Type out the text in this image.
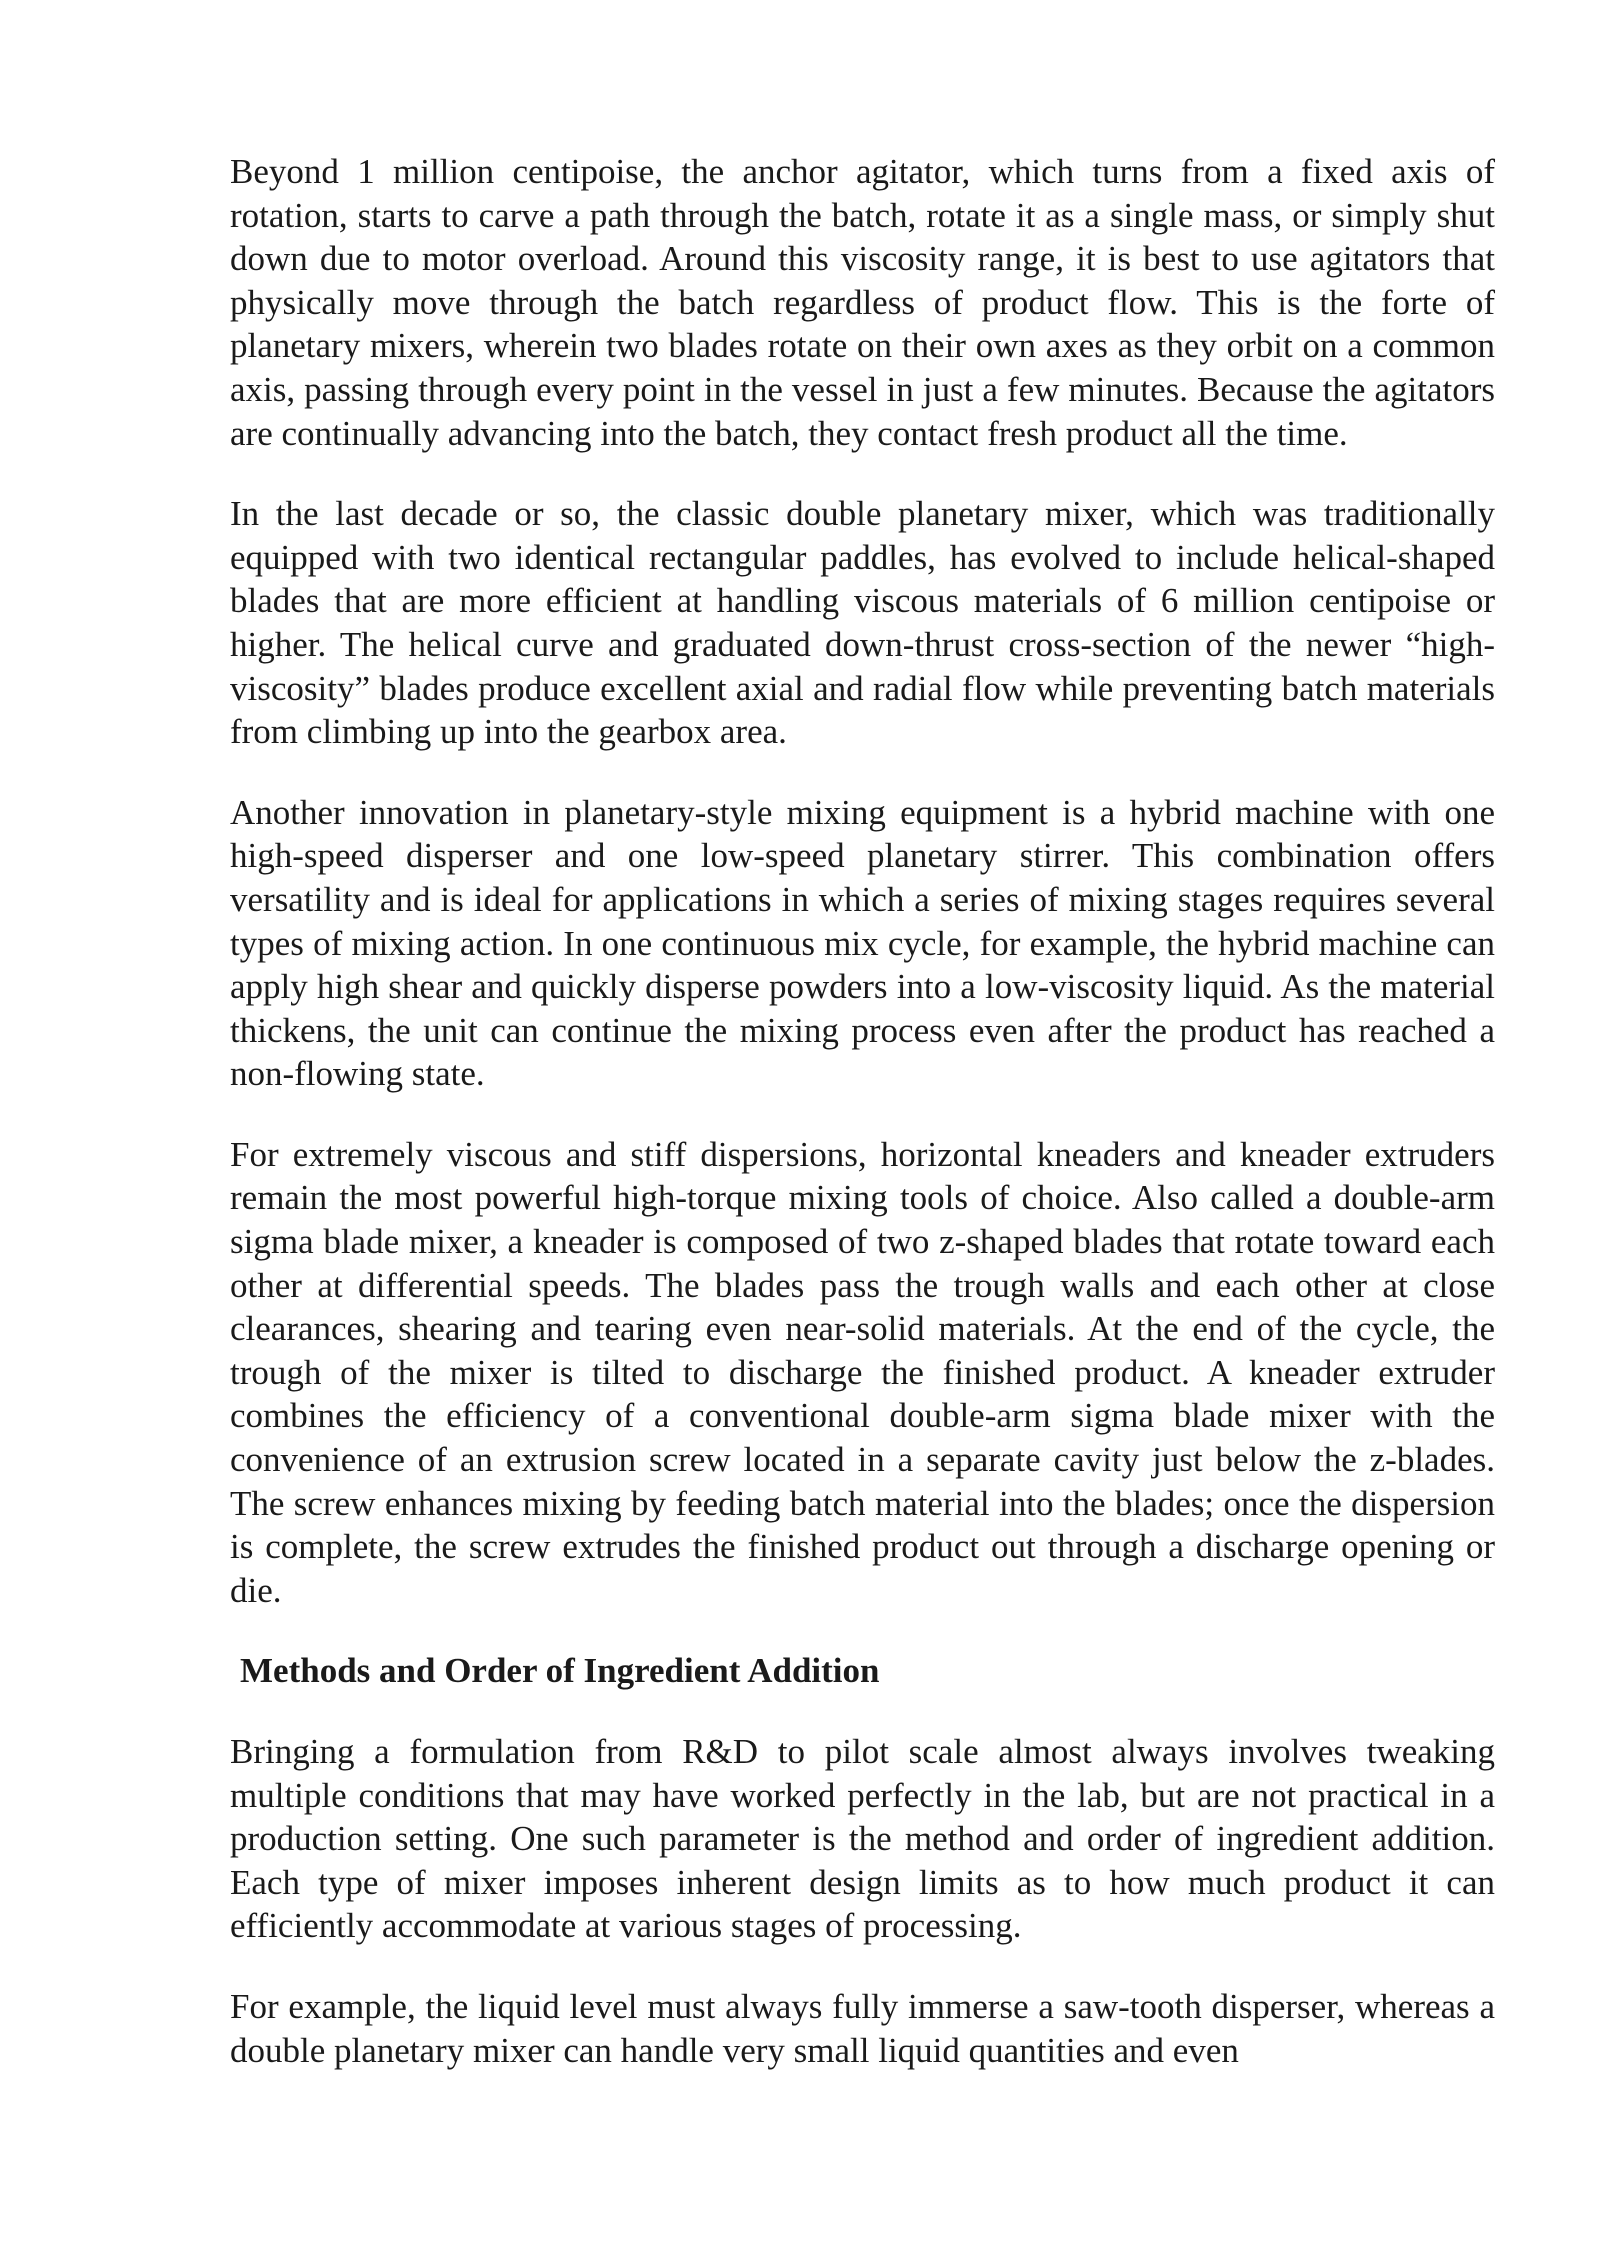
Beyond 1 million centipoise, the anchor agitator, which turns from a fixed axis of rotation, starts to carve a path through the batch, rotate it as a single mass, or simply shut down due to motor overload. Around this viscosity range, it is best to use agitators that physically move through the batch regardless of product flow. This is the forte of planetary mixers, wherein two blades rotate on their own axes as they orbit on a common axis, passing through every point in the vessel in just a few minutes. Because the agitators are continually advancing into the batch, they contact fresh product all the time.

In the last decade or so, the classic double planetary mixer, which was traditionally equipped with two identical rectangular paddles, has evolved to include helical-shaped blades that are more efficient at handling viscous materials of 6 million centipoise or higher. The helical curve and graduated down-thrust cross-section of the newer “high-viscosity” blades produce excellent axial and radial flow while preventing batch materials from climbing up into the gearbox area.

Another innovation in planetary-style mixing equipment is a hybrid machine with one high-speed disperser and one low-speed planetary stirrer. This combination offers versatility and is ideal for applications in which a series of mixing stages requires several types of mixing action. In one continuous mix cycle, for example, the hybrid machine can apply high shear and quickly disperse powders into a low-viscosity liquid. As the material thickens, the unit can continue the mixing process even after the product has reached a non-flowing state.

For extremely viscous and stiff dispersions, horizontal kneaders and kneader extruders remain the most powerful high-torque mixing tools of choice. Also called a double-arm sigma blade mixer, a kneader is composed of two z-shaped blades that rotate toward each other at differential speeds. The blades pass the trough walls and each other at close clearances, shearing and tearing even near-solid materials. At the end of the cycle, the trough of the mixer is tilted to discharge the finished product. A kneader extruder combines the efficiency of a conventional double-arm sigma blade mixer with the convenience of an extrusion screw located in a separate cavity just below the z-blades. The screw enhances mixing by feeding batch material into the blades; once the dispersion is complete, the screw extrudes the finished product out through a discharge opening or die.

Methods and Order of Ingredient Addition

Bringing a formulation from R&D to pilot scale almost always involves tweaking multiple conditions that may have worked perfectly in the lab, but are not practical in a production setting. One such parameter is the method and order of ingredient addition. Each type of mixer imposes inherent design limits as to how much product it can efficiently accommodate at various stages of processing.

For example, the liquid level must always fully immerse a saw-tooth disperser, whereas a double planetary mixer can handle very small liquid quantities and even
